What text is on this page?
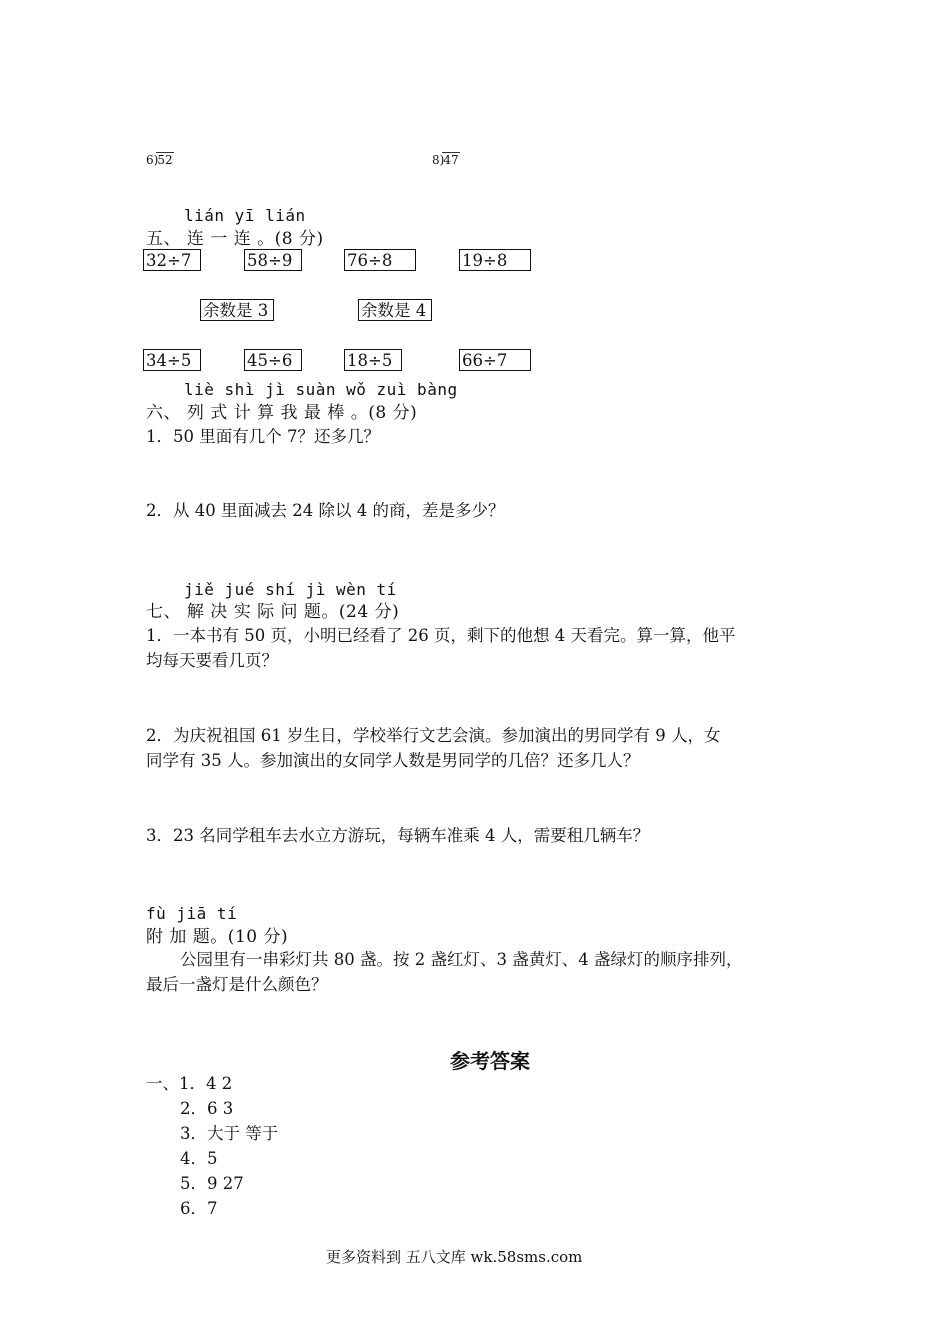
6)52	8)47
lián yī lián
五、 连 一 连 。(8 分)
32÷7	58÷9	76÷8	19÷8
余数是 3	余数是 4
34÷5	45÷6	18÷5	66÷7
liè shì jì suàn wǒ zuì bàng
六、 列 式 计 算 我 最 棒 。(8 分)
1．50 里面有几个 7？还多几？
2．从 40 里面减去 24 除以 4 的商，差是多少？
jiě jué shí jì wèn tí
七、 解 决 实 际 问 题。(24 分)
1．一本书有 50 页，小明已经看了 26 页，剩下的他想 4 天看完。算一算，他平
均每天要看几页？
2．为庆祝祖国 61 岁生日，学校举行文艺会演。参加演出的男同学有 9 人，女
同学有 35 人。参加演出的女同学人数是男同学的几倍？还多几人？
3．23 名同学租车去水立方游玩，每辆车准乘 4 人，需要租几辆车？
fù jiā tí
附 加 题。(10 分)
公园里有一串彩灯共 80 盏。按 2 盏红灯、3 盏黄灯、4 盏绿灯的顺序排列，
最后一盏灯是什么颜色？
参考答案
一、1．4 2
2．6 3
3．大于 等于
4．5
5．9 27
6．7
更多资料到 五八文库 wk.58sms.com
